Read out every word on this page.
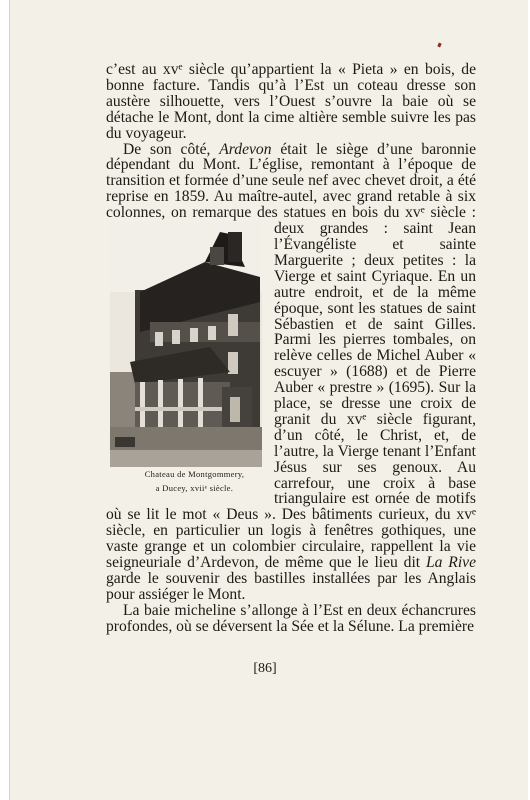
c’est au xvᵉ siècle qu’appartient la « Pieta » en bois, de bonne facture. Tandis qu’à l’Est un coteau dresse son austère silhouette, vers l’Ouest s’ouvre la baie où se détache le Mont, dont la cime altière semble suivre les pas du voyageur.

De son côté, Ardevon était le siège d’une baronnie dépendant du Mont. L’église, remontant à l’époque de transition et formée d’une seule nef avec chevet droit, a été reprise en 1859. Au maître-autel, avec grand retable à six colonnes, on remarque des statues en bois du
Chateau de Montgommery,
a Ducey, xviiᵉ siècle.
xvᵉ siècle : deux grandes : saint Jean l’Évangéliste et sainte Marguerite ; deux petites : la Vierge et saint Cyriaque. En un autre endroit, et de la même époque, sont les statues de saint Sébastien et de saint Gilles. Parmi les pierres tombales, on relève celles de Michel Auber « escuyer » (1688) et de Pierre Auber « prestre » (1695). Sur la place, se dresse une croix de granit du xvᵉ siècle figurant, d’un côté, le Christ, et, de l’autre, la Vierge tenant l’Enfant Jésus sur ses genoux. Au carrefour, une croix à base triangulaire est ornée de motifs où se lit le mot « Deus ». Des bâtiments curieux, du xvᵉ siècle, en particulier un logis à fenêtres gothiques, une vaste grange et un colombier circulaire, rappellent la vie seigneuriale d’Ardevon, de même que le lieu dit La Rive garde le souvenir des bastilles installées par les Anglais pour assiéger le Mont.

La baie micheline s’allonge à l’Est en deux échancrures profondes, où se déversent la Sée et la Sélune. La première

[86]
